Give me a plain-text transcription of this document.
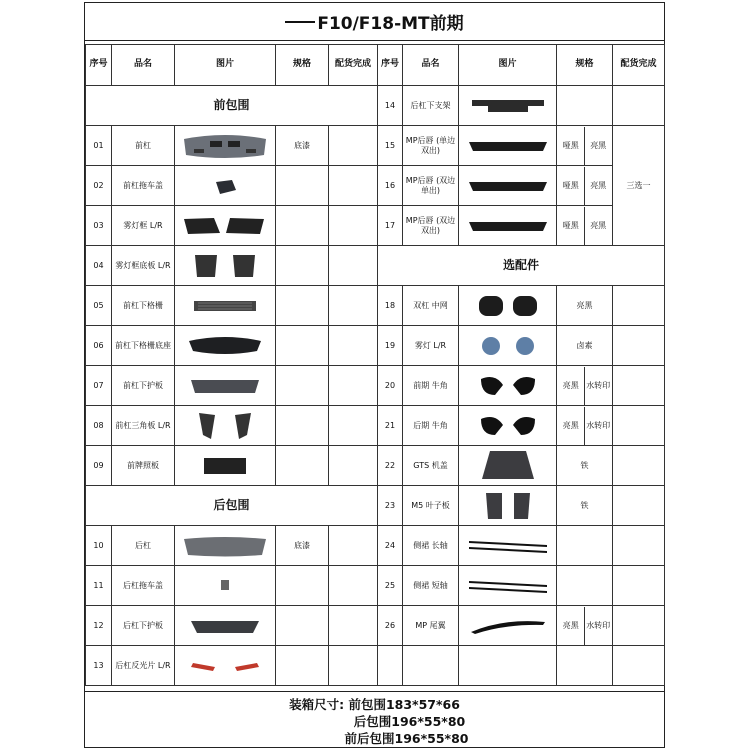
F10/F18-MT前期
序号	品名	图片	规格	配货完成	序号	品名	图片	规格	配货完成
前包围					14	后杠下支架	

01	前杠		底漆		15	MP后唇 (单边双出)		哑黑 亮黑	三选一
02	前杠拖车盖				16	MP后唇 (双边单出)		哑黑 亮黑	
03	雾灯框 L/R				17	MP后唇 (双边双出)		哑黑 亮黑	
04	雾灯框底板 L/R				选配件				
05	前杠下格栅				18	双杠 中网		亮黑	
06	前杠下格栅底座				19	雾灯 L/R		卤素	
07	前杠下护板				20	前期 牛角		亮黑 水转印	
08	前杠三角板 L/R				21	后期 牛角		亮黑 水转印	
09	前牌照板				22	GTS 机盖		铁	
后包围					23	M5 叶子板		铁	
10	后杠		底漆		24	侧裙 长轴	

11	后杠拖车盖				25	侧裙 短轴	

12	后杠下护板				26	MP 尾翼		亮黑 水转印	
13	后杠反光片 L/R	

装箱尺寸: 前包围183*57*66
后包围196*55*80
前后包围196*55*80
